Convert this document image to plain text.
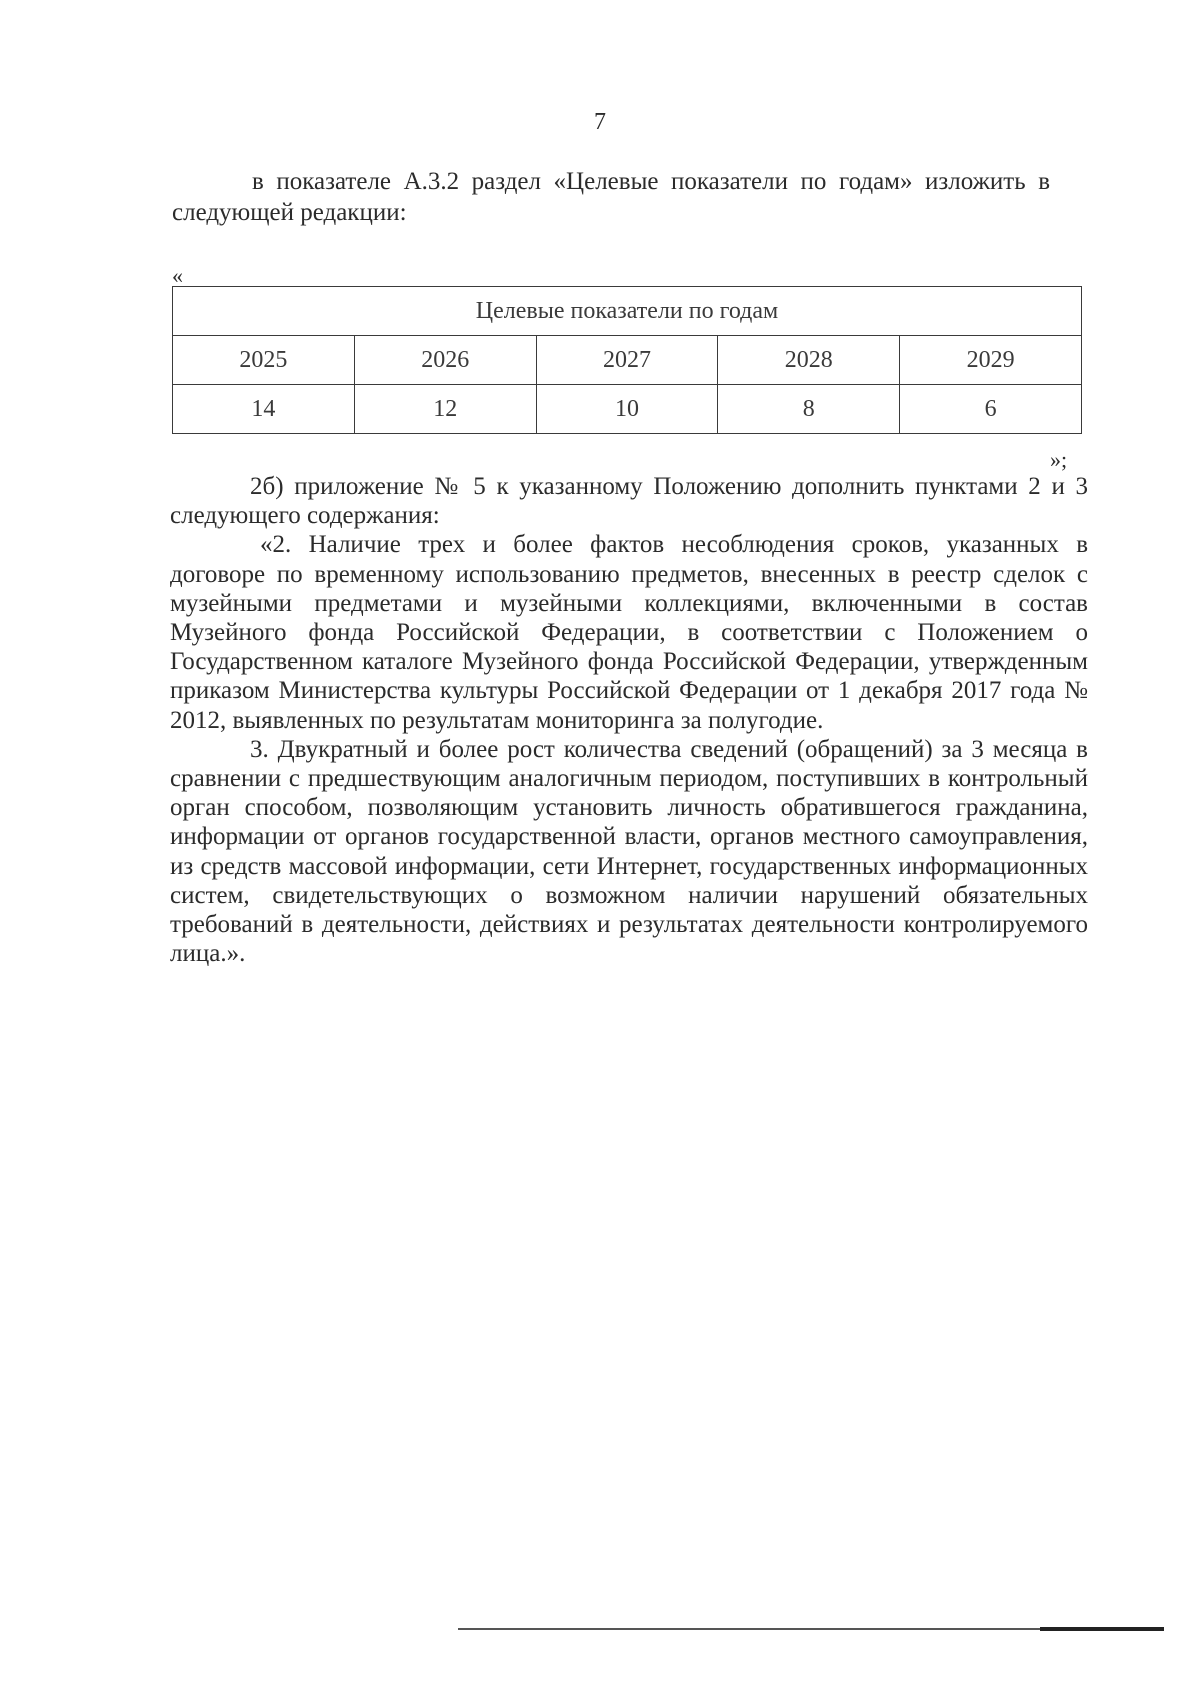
7
в показателе А.3.2 раздел «Целевые показатели по годам» изложить в
следующей редакции:
«
Целевые показатели по годам				
2025	2026	2027	2028	2029
14	12	10	8	6
»;

2б) приложение № 5 к указанному Положению дополнить пунктами 2 и 3 следующего содержания:

«2. Наличие трех и более фактов несоблюдения сроков, указанных в договоре по временному использованию предметов, внесенных в реестр сделок с музейными предметами и музейными коллекциями, включенными в состав Музейного фонда Российской Федерации, в соответствии с Положением о Государственном каталоге Музейного фонда Российской Федерации, утвержденным приказом Министерства культуры Российской Федерации от 1 декабря 2017 года № 2012, выявленных по результатам мониторинга за полугодие.

3. Двукратный и более рост количества сведений (обращений) за 3 месяца в сравнении с предшествующим аналогичным периодом, поступивших в контрольный орган способом, позволяющим установить личность обратившегося гражданина, информации от органов государственной власти, органов местного самоуправления, из средств массовой информации, сети Интернет, государственных информационных систем, свидетельствующих о возможном наличии нарушений обязательных требований в деятельности, действиях и результатах деятельности контролируемого лица.».
